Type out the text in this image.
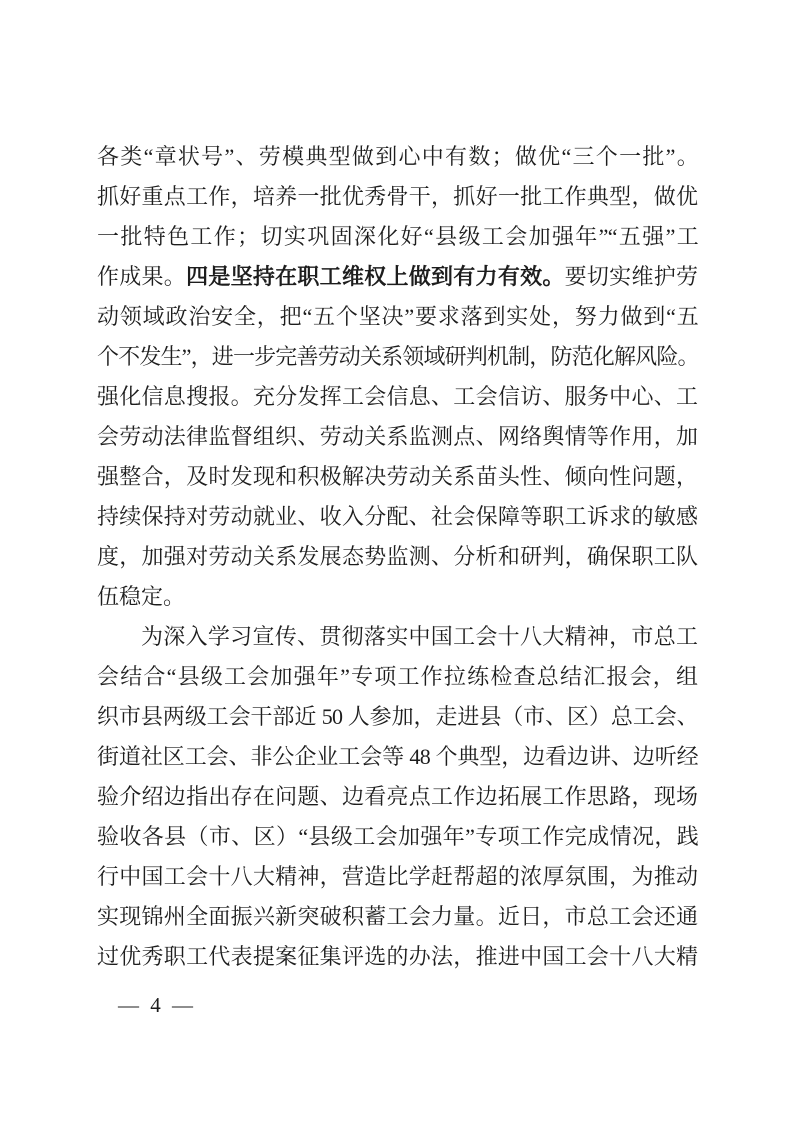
各类“章状号”、劳模典型做到心中有数；做优“三个一批”。
抓好重点工作，培养一批优秀骨干，抓好一批工作典型，做优
一批特色工作；切实巩固深化好“县级工会加强年”“五强”工
作成果。四是坚持在职工维权上做到有力有效。要切实维护劳
动领域政治安全，把“五个坚决”要求落到实处，努力做到“五
个不发生”，进一步完善劳动关系领域研判机制，防范化解风险。
强化信息搜报。充分发挥工会信息、工会信访、服务中心、工
会劳动法律监督组织、劳动关系监测点、网络舆情等作用，加
强整合，及时发现和积极解决劳动关系苗头性、倾向性问题，
持续保持对劳动就业、收入分配、社会保障等职工诉求的敏感
度，加强对劳动关系发展态势监测、分析和研判，确保职工队
伍稳定。
为深入学习宣传、贯彻落实中国工会十八大精神，市总工
会结合“县级工会加强年”专项工作拉练检查总结汇报会，组
织市县两级工会干部近 50 人参加，走进县（市、区）总工会、
街道社区工会、非公企业工会等 48 个典型，边看边讲、边听经
验介绍边指出存在问题、边看亮点工作边拓展工作思路，现场
验收各县（市、区）“县级工会加强年”专项工作完成情况，践
行中国工会十八大精神，营造比学赶帮超的浓厚氛围，为推动
实现锦州全面振兴新突破积蓄工会力量。近日，市总工会还通
过优秀职工代表提案征集评选的办法，推进中国工会十八大精
— 4 —
